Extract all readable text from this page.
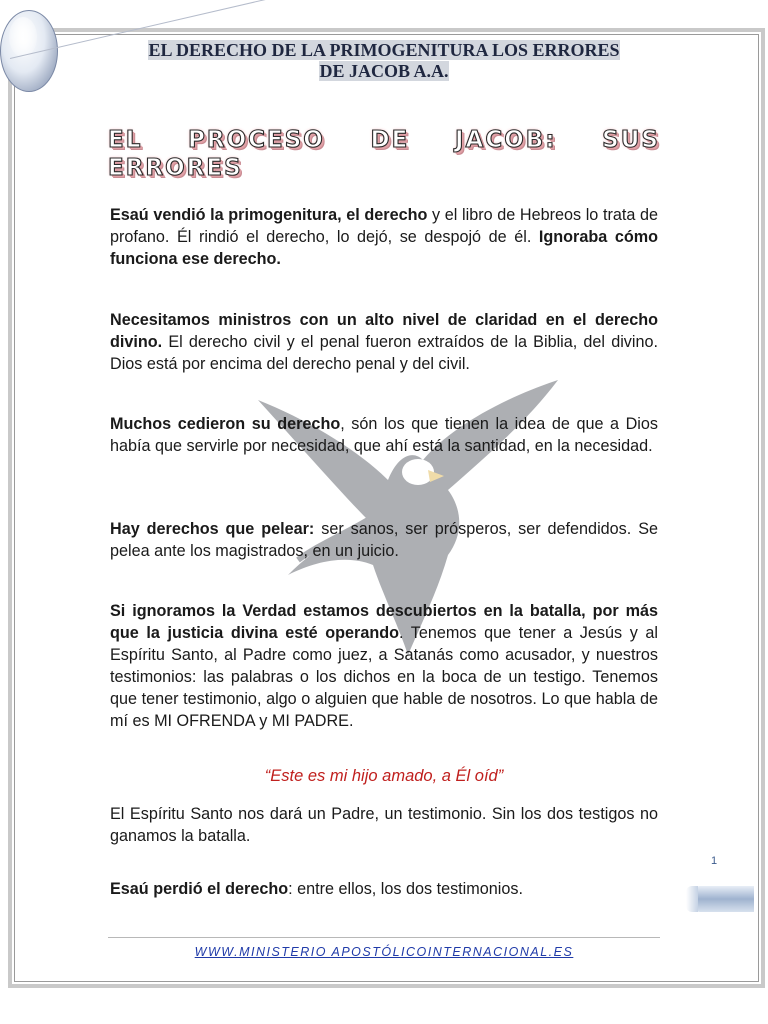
EL DERECHO DE LA PRIMOGENITURA LOS ERRORES
DE JACOB A.A.
EL PROCESO DE JACOB: SUS
ERRORES
Esaú vendió la primogenitura, el derecho y el libro de Hebreos lo trata de profano. Él rindió el derecho, lo dejó, se despojó de él. Ignoraba cómo funciona ese derecho.
Necesitamos ministros con un alto nivel de claridad en el derecho divino. El derecho civil y el penal fueron extraídos de la Biblia, del divino. Dios está por encima del derecho penal y del civil.
Muchos cedieron su derecho, són los que tienen la idea de que a Dios había que servirle por necesidad, que ahí está la santidad, en la necesidad.
Hay derechos que pelear: ser sanos, ser prósperos, ser defendidos. Se pelea ante los magistrados, en un juicio.
Si ignoramos la Verdad estamos descubiertos en la batalla, por más que la justicia divina esté operando. Tenemos que tener a Jesús y al Espíritu Santo, al Padre como juez, a Satanás como acusador, y nuestros testimonios: las palabras o los dichos en la boca de un testigo. Tenemos que tener testimonio, algo o alguien que hable de nosotros. Lo que habla de mí es MI OFRENDA y MI PADRE.
“Este es mi hijo amado, a Él oíd”
El Espíritu Santo nos dará un Padre, un testimonio. Sin los dos testigos no ganamos la batalla.
Esaú perdió el derecho: entre ellos, los dos testimonios.
1
WWW.MINISTERIO APOSTÓLICOINTERNACIONAL.ES
